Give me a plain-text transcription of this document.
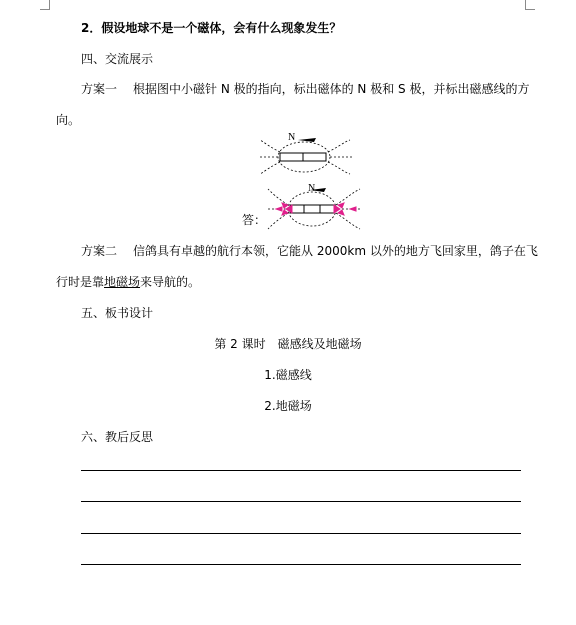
2．假设地球不是一个磁体，会有什么现象发生？
四、交流展示
方案一 根据图中小磁针 N 极的指向，标出磁体的 N 极和 S 极，并标出磁感线的方
向。
N
答：
N
方案二 信鸽具有卓越的航行本领，它能从 2000km 以外的地方飞回家里，鸽子在飞
行时是靠地磁场来导航的。
五、板书设计
第 2 课时　磁感线及地磁场
1.磁感线
2.地磁场
六、教后反思
